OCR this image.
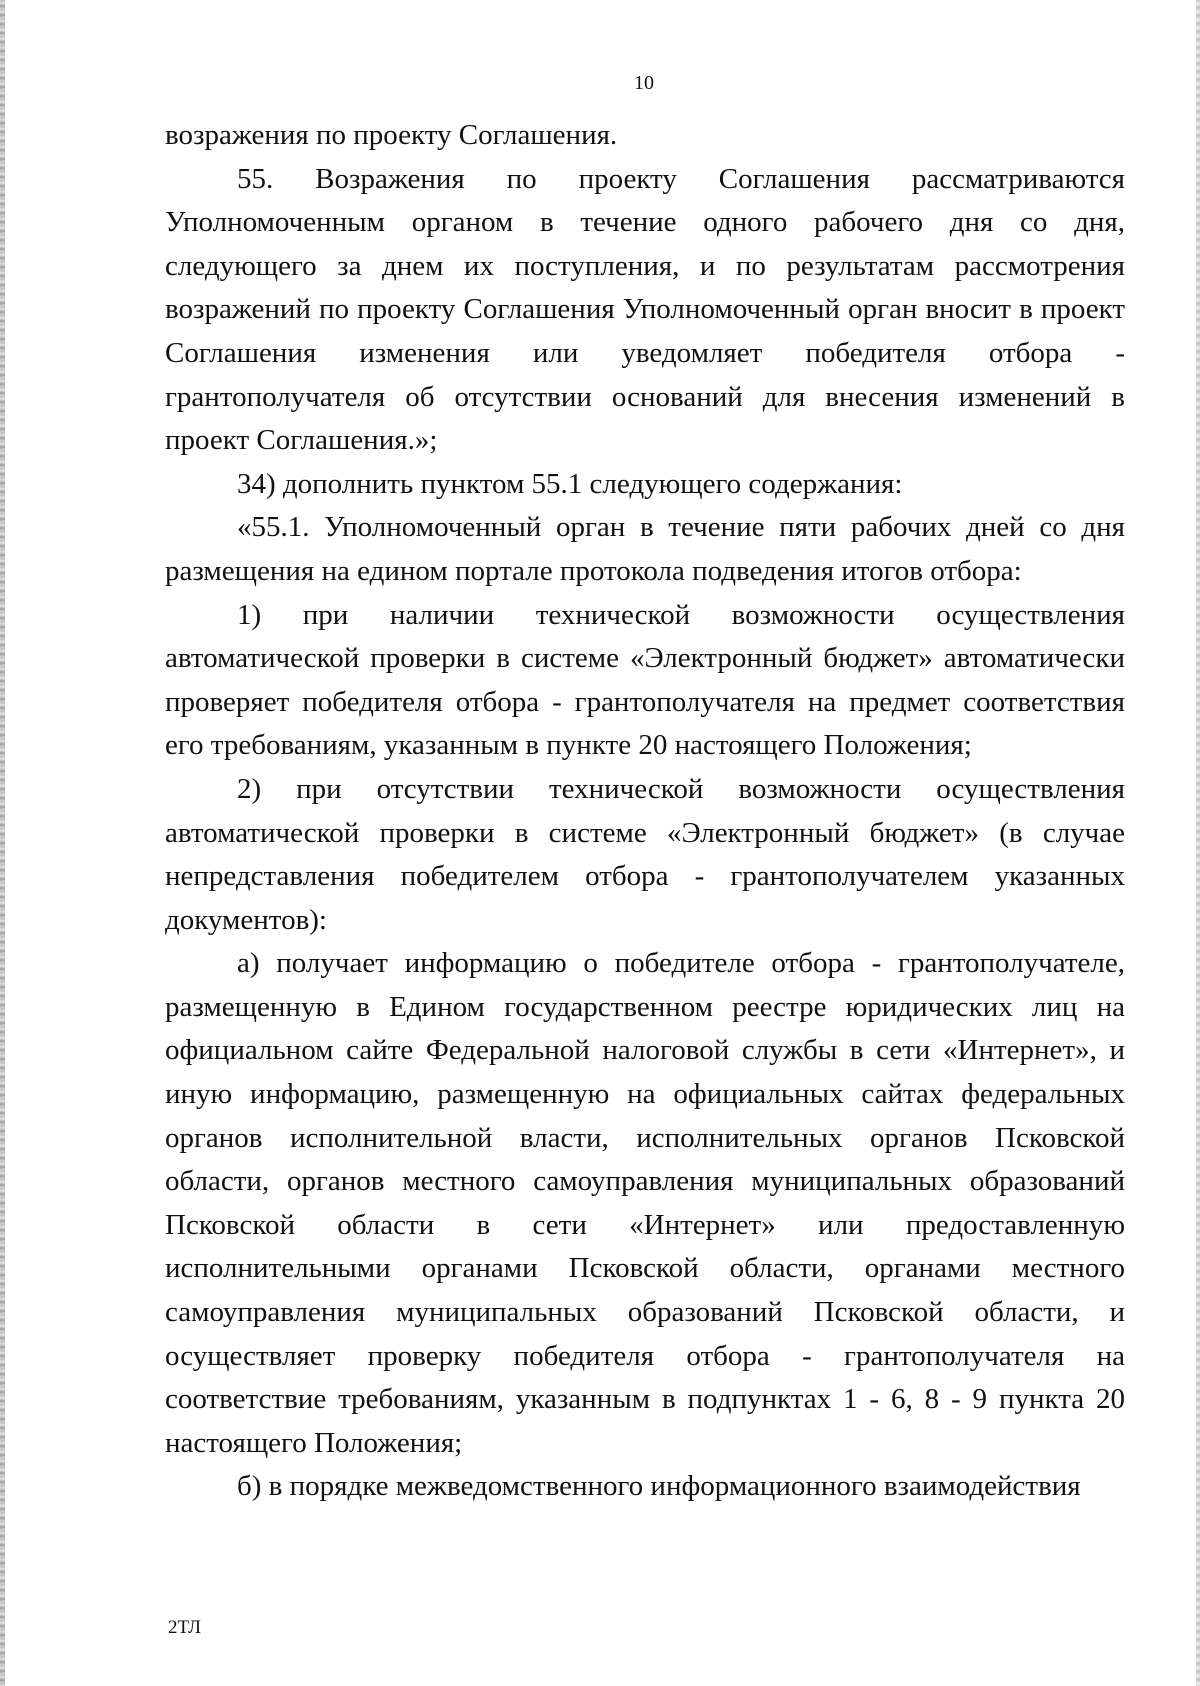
10

возражения по проекту Соглашения.

55. Возражения по проекту Соглашения рассматриваются Уполномоченным органом в течение одного рабочего дня со дня, следующего за днем их поступления, и по результатам рассмотрения возражений по проекту Соглашения Уполномоченный орган вносит в проект Соглашения изменения или уведомляет победителя отбора - грантополучателя об отсутствии оснований для внесения изменений в проект Соглашения.»;

34) дополнить пунктом 55.1 следующего содержания:

«55.1. Уполномоченный орган в течение пяти рабочих дней со дня размещения на едином портале протокола подведения итогов отбора:

1) при наличии технической возможности осуществления автоматической проверки в системе «Электронный бюджет» автоматически проверяет победителя отбора - грантополучателя на предмет соответствия его требованиям, указанным в пункте 20 настоящего Положения;

2) при отсутствии технической возможности осуществления автоматической проверки в системе «Электронный бюджет» (в случае непредставления победителем отбора - грантополучателем указанных документов):

а) получает информацию о победителе отбора - грантополучателе, размещенную в Едином государственном реестре юридических лиц на официальном сайте Федеральной налоговой службы в сети «Интернет», и иную информацию, размещенную на официальных сайтах федеральных органов исполнительной власти, исполнительных органов Псковской области, органов местного самоуправления муниципальных образований Псковской области в сети «Интернет» или предоставленную исполнительными органами Псковской области, органами местного самоуправления муниципальных образований Псковской области, и осуществляет проверку победителя отбора - грантополучателя на соответствие требованиям, указанным в подпунктах 1 - 6, 8 - 9 пункта 20 настоящего Положения;

б) в порядке межведомственного информационного взаимодействия

2ТЛ
